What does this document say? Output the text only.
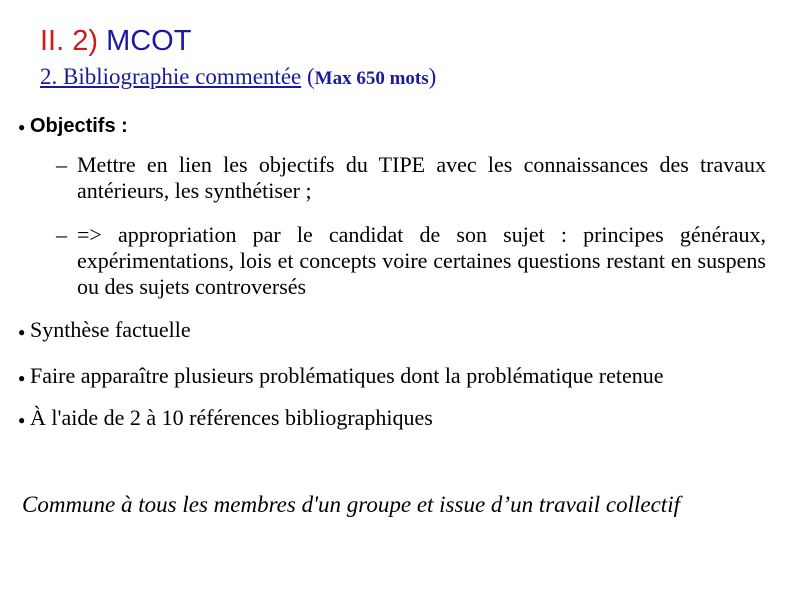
II. 2) MCOT
2. Bibliographie commentée (Max 650 mots)
● Objectifs :
– Mettre en lien les objectifs du TIPE avec les connaissances des travaux antérieurs, les synthétiser ;
– => appropriation par le candidat de son sujet : principes généraux, expérimentations, lois et concepts voire certaines questions restant en suspens ou des sujets controversés
● Synthèse factuelle
● Faire apparaître plusieurs problématiques dont la problématique retenue
● À l'aide de 2 à 10 références bibliographiques
Commune à tous les membres d'un groupe et issue d’un travail collectif
